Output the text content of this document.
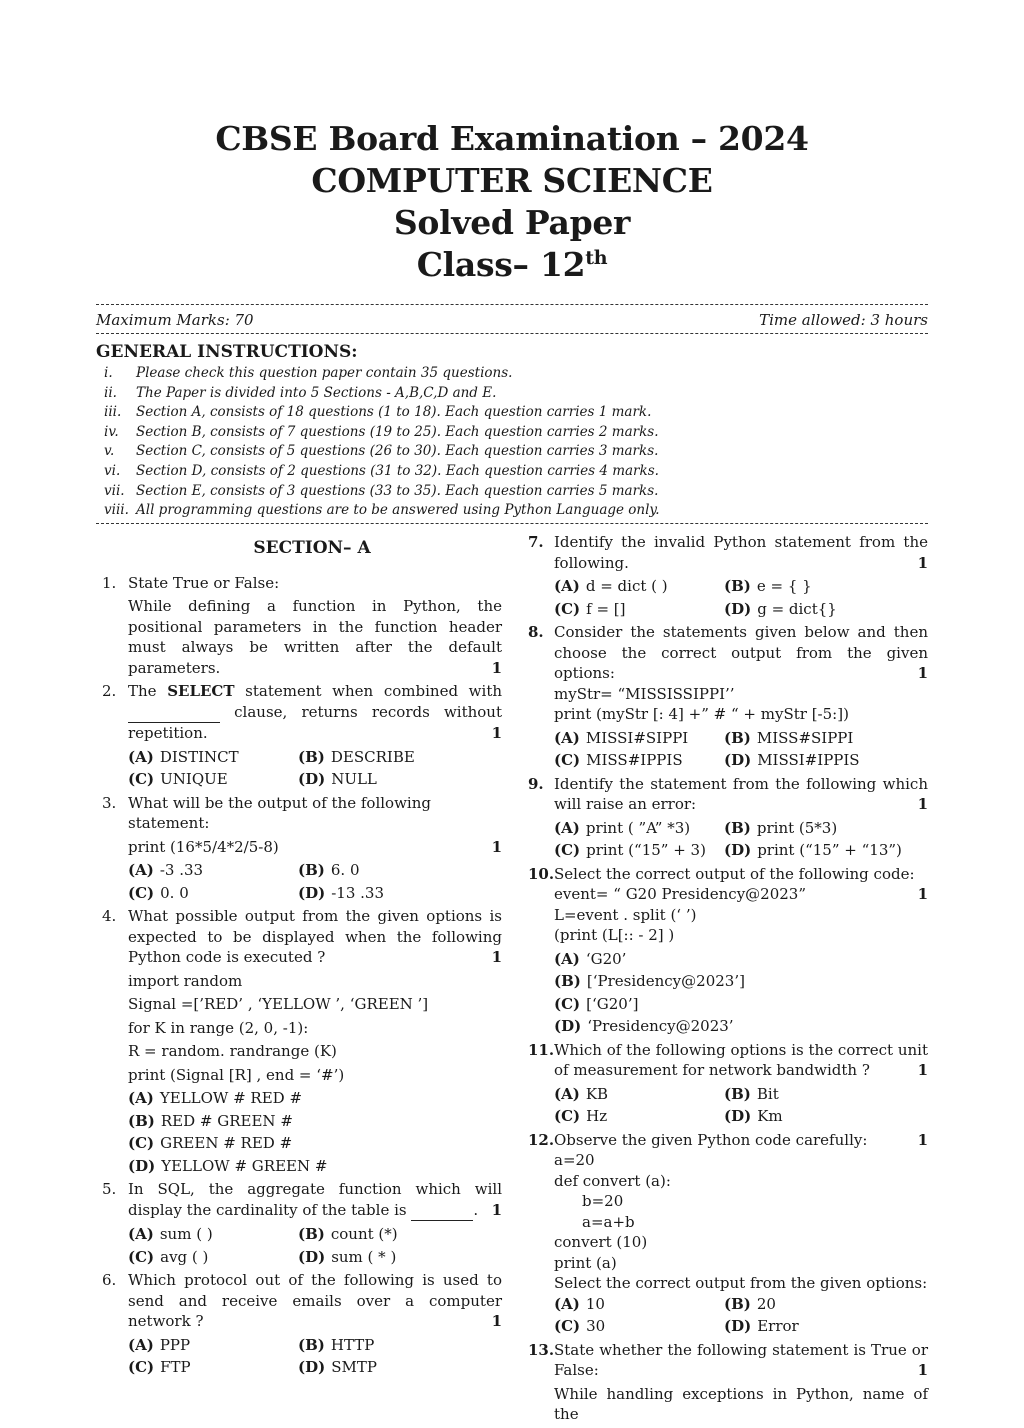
CBSE Board Examination – 2024
COMPUTER SCIENCE
Solved Paper
Class– 12th
Maximum Marks: 70	Time allowed: 3 hours
GENERAL INSTRUCTIONS:
i.	Please check this question paper contain 35 questions.
ii.	The Paper is divided into 5 Sections - A,B,C,D and E.
iii.	Section A, consists of 18 questions (1 to 18). Each question carries 1 mark.
iv.	Section B, consists of 7 questions (19 to 25). Each question carries 2 marks.
v.	Section C, consists of 5 questions (26 to 30). Each question carries 3 marks.
vi.	Section D, consists of 2 questions (31 to 32). Each question carries 4 marks.
vii. Section E, consists of 3 questions (33 to 35). Each question carries 5 marks.
viii. All programming questions are to be answered using Python Language only.
SECTION– A
1. State True or False:
While defining a function in Python, the positional parameters in the function header must always be written after the default parameters.	1
2. The SELECT statement when combined with   clause, returns records without repetition.	1
(A) DISTINCT	(B) DESCRIBE
(C) UNIQUE	(D) NULL
3. What will be the output of the following statement:
print (16*5/4*2/5-8)	1
(A) -3 .33	(B) 6. 0
(C) 0. 0	(D) -13 .33
4. What possible output from the given options is expected to be displayed when the following Python code is executed ?	1
import random
Signal =[’RED’ , ‘YELLOW ’, ‘GREEN ’]
for K in range (2, 0, -1):
R = random. randrange (K)
print (Signal [R] , end = ‘#’)
(A) YELLOW # RED #
(B) RED # GREEN #
(C) GREEN # RED #
(D) YELLOW # GREEN #
5. In SQL, the aggregate function which will display the cardinality of the table is	. 1
(A) sum ( )	(B) count (*)
(C) avg ( )	(D) sum ( * )
6. Which protocol out of the following is used to send and receive emails over a computer network ?	1
(A) PPP	(B) HTTP
(C) FTP	(D) SMTP
7. Identify the invalid Python statement from the following.	1
(A) d = dict ( )	(B) e = { }
(C) f = []	(D) g = dict{}
8. Consider the statements given below and then choose the correct output from the given options:	1
myStr= “MISSISSIPPI’’
print (myStr [: 4] +” # “ + myStr [-5:])
(A) MISSI#SIPPI	(B) MISS#SIPPI
(C) MISS#IPPIS	(D) MISSI#IPPIS
9. Identify the statement from the following which will raise an error:	1
(A) print ( ”A” *3)	(B) print (5*3)
(C) print (“15” + 3)	(D) print (“15” + “13”)
10. Select the correct output of the following code:
1
event= “ G20 Presidency@2023”
L=event . split (‘ ’)
(print (L[:: - 2] )
(A) ‘G20’
(B) [‘Presidency@2023’]
(C) [‘G20’]
(D) ‘Presidency@2023’
11. Which of the following options is the correct unit of measurement for network bandwidth ?	1
(A) KB	(B) Bit
(C) Hz	(D) Km
12. Observe the given Python code carefully:	1
a=20
def convert (a):
b=20
a=a+b
convert (10)
print (a)
Select the correct output from the given options:
(A) 10	(B) 20
(C) 30	(D) Error
13. State whether the following statement is True or False:	1
While handling exceptions in Python, name of the
